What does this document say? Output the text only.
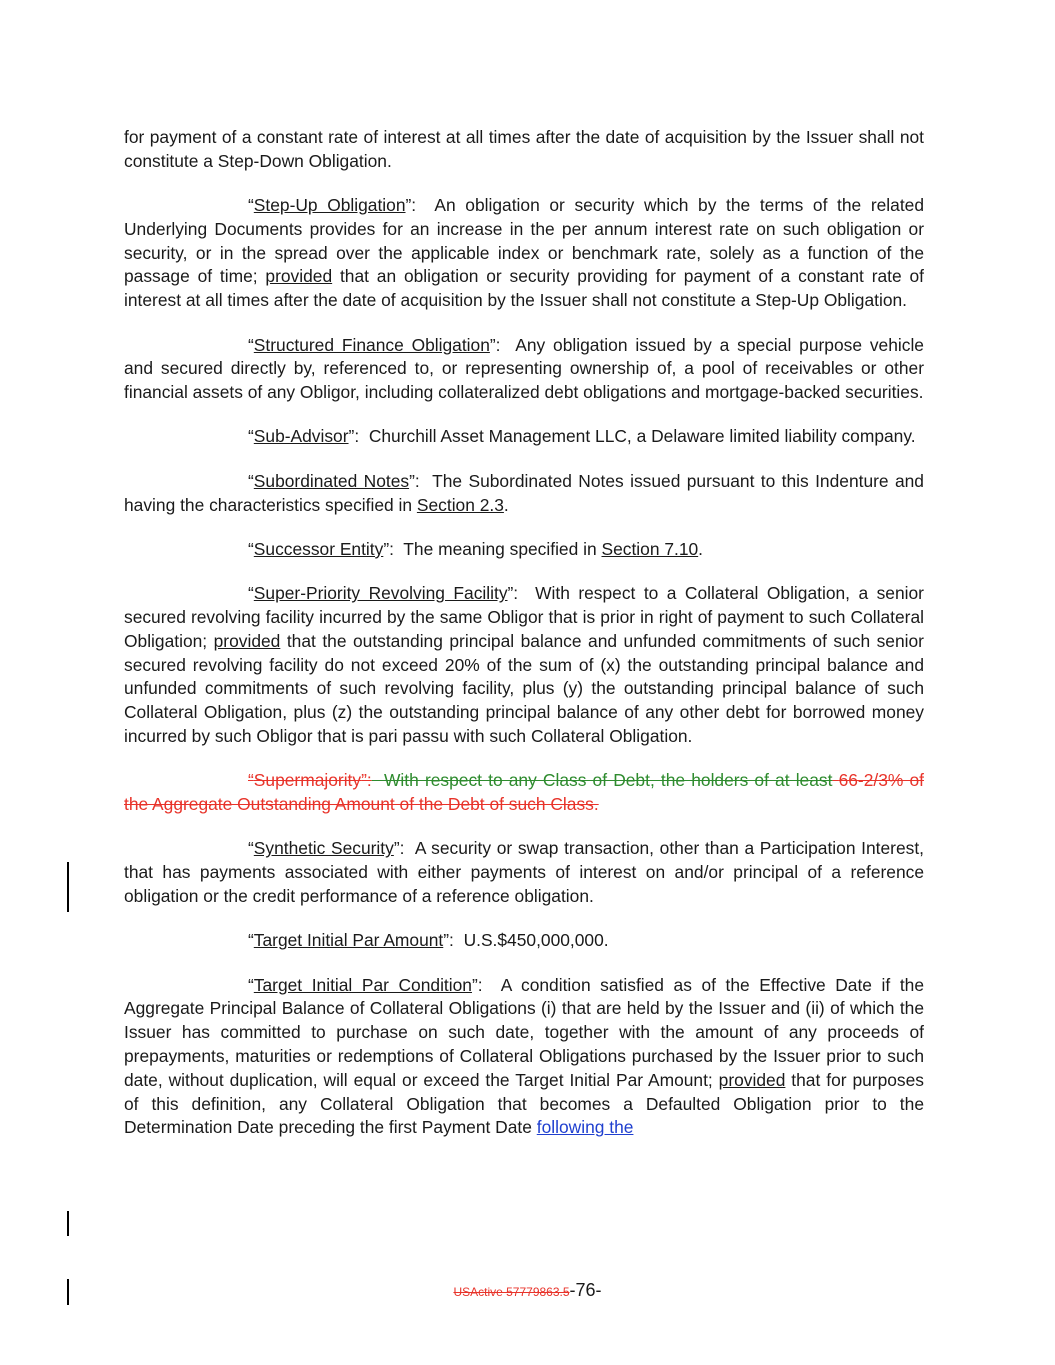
for payment of a constant rate of interest at all times after the date of acquisition by the Issuer shall not constitute a Step-Down Obligation.

“Step-Up Obligation”: An obligation or security which by the terms of the related Underlying Documents provides for an increase in the per annum interest rate on such obligation or security, or in the spread over the applicable index or benchmark rate, solely as a function of the passage of time; provided that an obligation or security providing for payment of a constant rate of interest at all times after the date of acquisition by the Issuer shall not constitute a Step-Up Obligation.

“Structured Finance Obligation”: Any obligation issued by a special purpose vehicle and secured directly by, referenced to, or representing ownership of, a pool of receivables or other financial assets of any Obligor, including collateralized debt obligations and mortgage-backed securities.

“Sub-Advisor”: Churchill Asset Management LLC, a Delaware limited liability company.

“Subordinated Notes”: The Subordinated Notes issued pursuant to this Indenture and having the characteristics specified in Section 2.3.

“Successor Entity”: The meaning specified in Section 7.10.

“Super-Priority Revolving Facility”: With respect to a Collateral Obligation, a senior secured revolving facility incurred by the same Obligor that is prior in right of payment to such Collateral Obligation; provided that the outstanding principal balance and unfunded commitments of such senior secured revolving facility do not exceed 20% of the sum of (x) the outstanding principal balance and unfunded commitments of such revolving facility, plus (y) the outstanding principal balance of such Collateral Obligation, plus (z) the outstanding principal balance of any other debt for borrowed money incurred by such Obligor that is pari passu with such Collateral Obligation.

“Supermajority”: With respect to any Class of Debt, the holders of at least 66-2/3% of the Aggregate Outstanding Amount of the Debt of such Class.

“Synthetic Security”: A security or swap transaction, other than a Participation Interest, that has payments associated with either payments of interest on and/or principal of a reference obligation or the credit performance of a reference obligation.

“Target Initial Par Amount”: U.S.$450,000,000.

“Target Initial Par Condition”: A condition satisfied as of the Effective Date if the Aggregate Principal Balance of Collateral Obligations (i) that are held by the Issuer and (ii) of which the Issuer has committed to purchase on such date, together with the amount of any proceeds of prepayments, maturities or redemptions of Collateral Obligations purchased by the Issuer prior to such date, without duplication, will equal or exceed the Target Initial Par Amount; provided that for purposes of this definition, any Collateral Obligation that becomes a Defaulted Obligation prior to the Determination Date preceding the first Payment Date following the

USActive 57779863.5-76-
